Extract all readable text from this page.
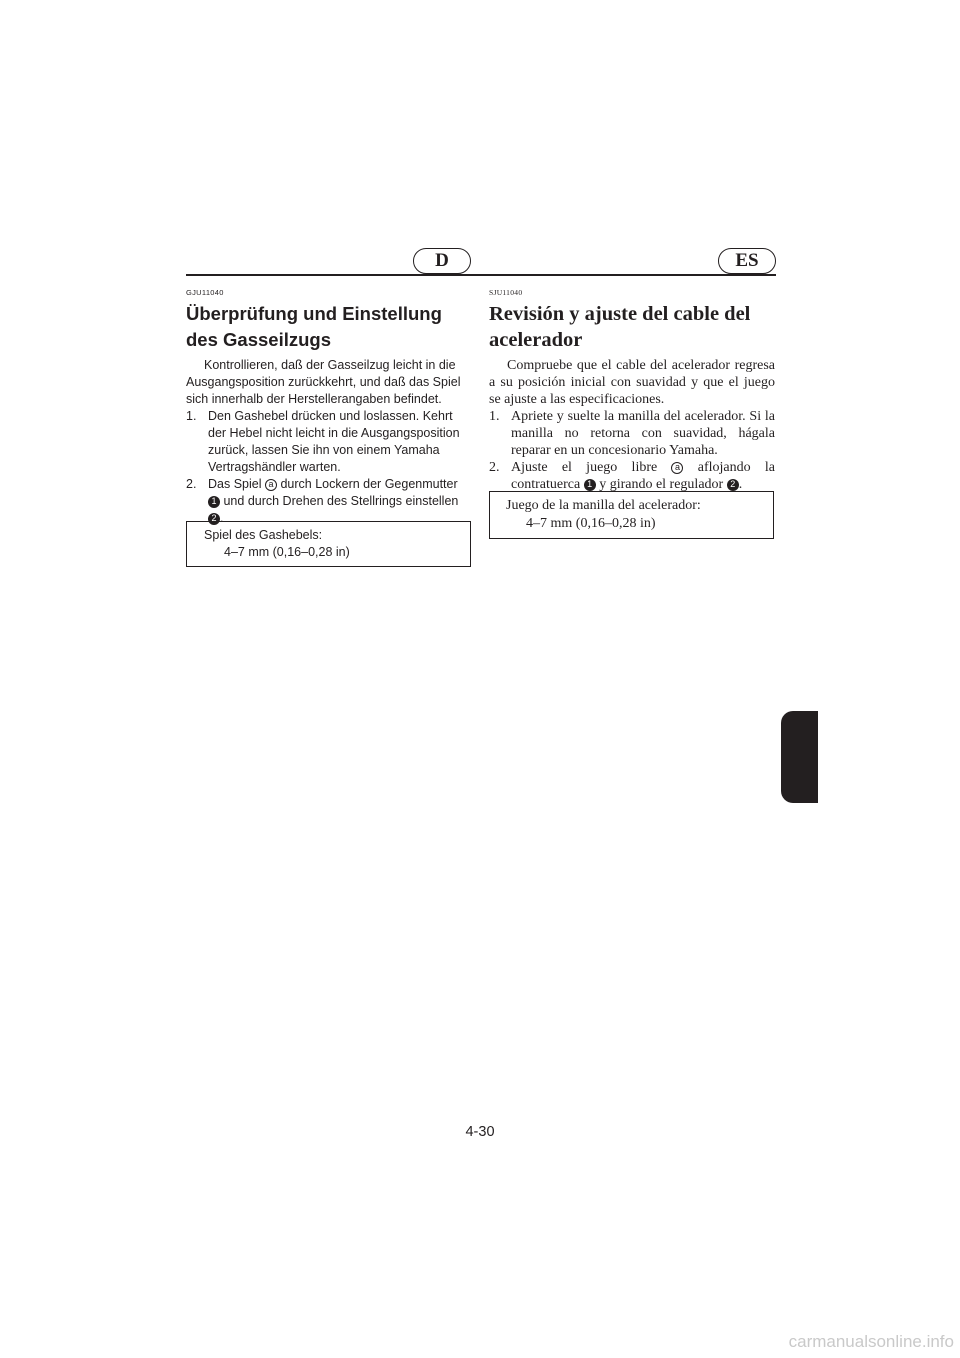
D	ES
GJU11040
Überprüfung und Einstellung des Gasseilzugs

Kontrollieren, daß der Gasseilzug leicht in die Ausgangsposition zurückkehrt, und daß das Spiel sich innerhalb der Herstellerangaben befindet.

1. Den Gashebel drücken und loslassen. Kehrt der Hebel nicht leicht in die Ausgangsposition zurück, lassen Sie ihn von einem Yamaha Vertragshändler warten.
2. Das Spiel a durch Lockern der Gegenmutter 1 und durch Drehen des Stellrings einstellen 2 .
Spiel des Gashebels:
4–7 mm (0,16–0,28 in)
SJU11040
Revisión y ajuste del cable del acelerador

Compruebe que el cable del acelerador regresa a su posición inicial con suavidad y que el juego se ajuste a las especificaciones.

1. Apriete y suelte la manilla del acelerador. Si la manilla no retorna con suavidad, hágala reparar en un concesionario Yamaha.
2. Ajuste el juego libre a aflojando la contratuerca 1 y girando el regulador 2 .
Juego de la manilla del acelerador:
4–7 mm (0,16–0,28 in)
4-30
carmanualsonline.info
